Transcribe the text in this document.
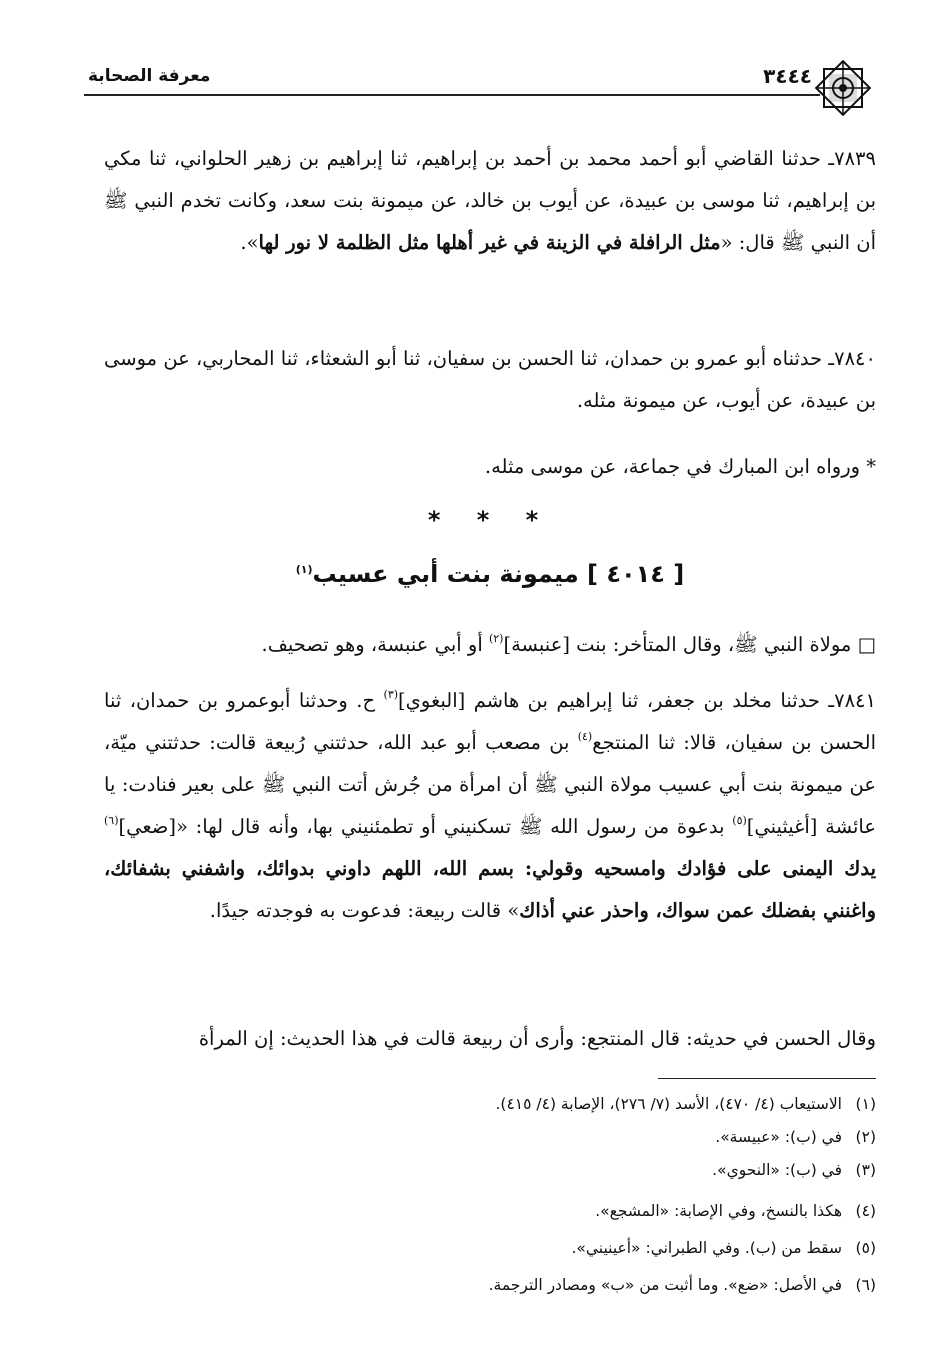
معرفة الصحابة	٣٤٤٤
٧٨٣٩ـ حدثنا القاضي أبو أحمد محمد بن أحمد بن إبراهيم، ثنا إبراهيم بن زهير الحلواني، ثنا مكي بن إبراهيم، ثنا موسى بن عبيدة، عن أيوب بن خالد، عن ميمونة بنت سعد، وكانت تخدم النبي ﷺ أن النبي ﷺ قال: «مثل الرافلة في الزينة في غير أهلها مثل الظلمة لا نور لها».
٧٨٤٠ـ حدثناه أبو عمرو بن حمدان، ثنا الحسن بن سفيان، ثنا أبو الشعثاء، ثنا المحاربي، عن موسى بن عبيدة، عن أيوب، عن ميمونة مثله.
* ورواه ابن المبارك في جماعة، عن موسى مثله.
* * *
[ ٤٠١٤ ] ميمونة بنت أبي عسيب$^{(١)}$
□ مولاة النبي ﷺ، وقال المتأخر: بنت [عنبسة]$^{(٢)}$ أو أبي عنبسة، وهو تصحيف.
٧٨٤١ـ حدثنا مخلد بن جعفر، ثنا إبراهيم بن هاشم [البغوي]$^{(٣)}$ ح. وحدثنا أبوعمرو بن حمدان، ثنا الحسن بن سفيان، قالا: ثنا المنتجع$^{(٤)}$ بن مصعب أبو عبد الله، حدثتني رُبيعة قالت: حدثتني ميّة، عن ميمونة بنت أبي عسيب مولاة النبي ﷺ أن امرأة من جُرش أتت النبي ﷺ على بعير فنادت: يا عائشة [أغيثيني]$^{(٥)}$ بدعوة من رسول الله ﷺ تسكنيني أو تطمئنيني بها، وأنه قال لها: «[ضعي]$^{(٦)}$ يدك اليمنى على فؤادك وامسحيه وقولي: بسم الله، اللهم داوني بدوائك، واشفني بشفائك، واغنني بفضلك عمن سواك، واحذر عني أذاك» قالت ربيعة: فدعوت به فوجدته جيدًا.
وقال الحسن في حديثه: قال المنتجع: وأرى أن ربيعة قالت في هذا الحديث: إن المرأة
(١)الاستيعاب (٤/ ٤٧٠)، الأسد (٧/ ٢٧٦)، الإصابة (٤/ ٤١٥).
(٢)في (ب): «عبيسة».
(٣)في (ب): «النحوي».
(٤)هكذا بالنسخ، وفي الإصابة: «المشجع».
(٥)سقط من (ب). وفي الطبراني: «أعينيني».
(٦)في الأصل: «ضع». وما أثبت من «ب» ومصادر الترجمة.
